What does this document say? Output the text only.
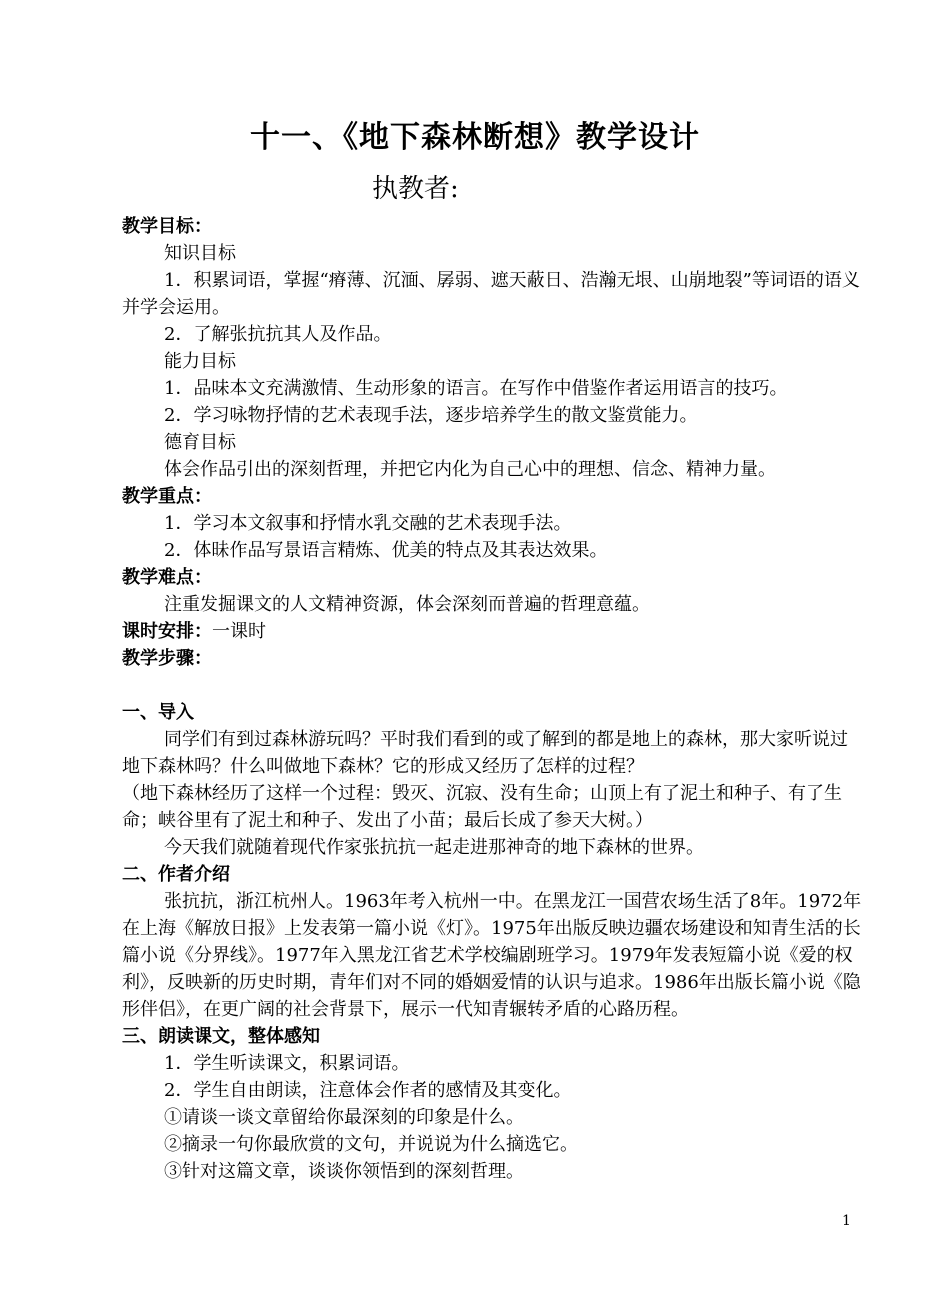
十一、《地下森林断想》教学设计
执教者:

教学目标：

知识目标

1．积累词语，掌握“瘠薄、沉湎、孱弱、遮天蔽日、浩瀚无垠、山崩地裂”等词语的语义并学会运用。

2．了解张抗抗其人及作品。

能力目标

1．品味本文充满激情、生动形象的语言。在写作中借鉴作者运用语言的技巧。

2．学习咏物抒情的艺术表现手法，逐步培养学生的散文鉴赏能力。

德育目标

体会作品引出的深刻哲理，并把它内化为自己心中的理想、信念、精神力量。

教学重点：

1．学习本文叙事和抒情水乳交融的艺术表现手法。

2．体昧作品写景语言精炼、优美的特点及其表达效果。

教学难点：

注重发掘课文的人文精神资源，体会深刻而普遍的哲理意蕴。

课时安排：一课时

教学步骤：

一、导入

同学们有到过森林游玩吗？平时我们看到的或了解到的都是地上的森林，那大家听说过地下森林吗？什么叫做地下森林？它的形成又经历了怎样的过程？

（地下森林经历了这样一个过程：毁灭、沉寂、没有生命；山顶上有了泥土和种子、有了生命；峡谷里有了泥土和种子、发出了小苗；最后长成了参天大树。）

今天我们就随着现代作家张抗抗一起走进那神奇的地下森林的世界。

二、作者介绍

张抗抗，浙江杭州人。1963年考入杭州一中。在黑龙江一国营农场生活了8年。1972年在上海《解放日报》上发表第一篇小说《灯》。1975年出版反映边疆农场建设和知青生活的长篇小说《分界线》。1977年入黑龙江省艺术学校编剧班学习。1979年发表短篇小说《爱的权利》，反映新的历史时期，青年们对不同的婚姻爱情的认识与追求。1986年出版长篇小说《隐形伴侣》，在更广阔的社会背景下，展示一代知青辗转矛盾的心路历程。

三、朗读课文，整体感知

1．学生听读课文，积累词语。

2．学生自由朗读，注意体会作者的感情及其变化。

①请谈一谈文章留给你最深刻的印象是什么。

②摘录一句你最欣赏的文句，并说说为什么摘选它。

③针对这篇文章，谈谈你领悟到的深刻哲理。

1
